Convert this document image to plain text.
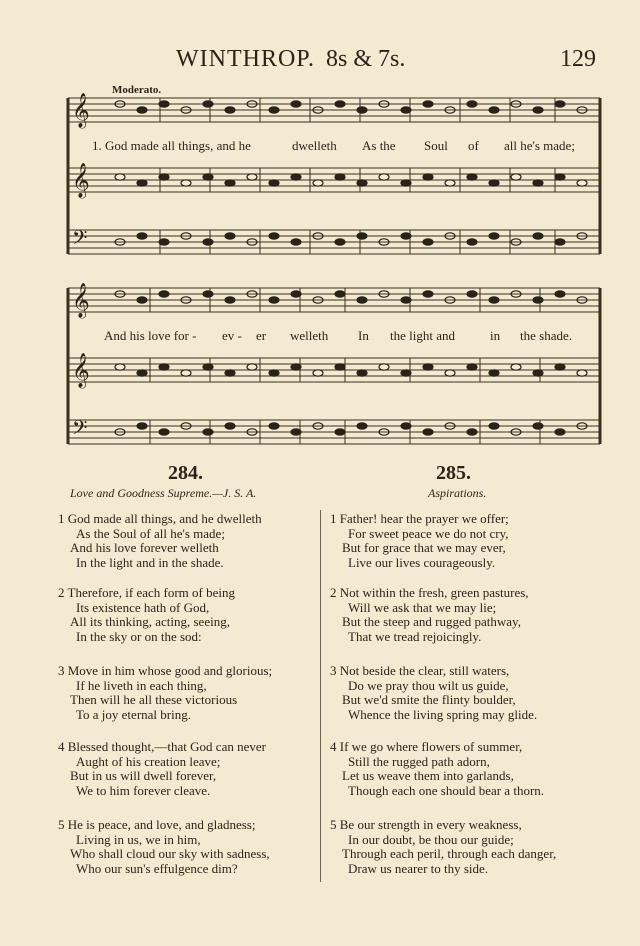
WINTHROP. 8s & 7s.	129
Moderato.
𝄞
𝄞
𝄢
𝄞
𝄞
𝄢
1. God made all things, and he	dwelleth As the Soul of all he's made;
And his love for - ev - er welleth In the light and	in the shade.
284.
Love and Goodness Supreme.—J. S. A.
285.
Aspirations.
1 God made all things, and he dwelleth
As the Soul of all he's made;
And his love forever welleth
In the light and in the shade.
2 Therefore, if each form of being
Its existence hath of God,
All its thinking, acting, seeing,
In the sky or on the sod:
3 Move in him whose good and glorious;
If he liveth in each thing,
Then will he all these victorious
To a joy eternal bring.
4 Blessed thought,—that God can never
Aught of his creation leave;
But in us will dwell forever,
We to him forever cleave.
5 He is peace, and love, and gladness;
Living in us, we in him,
Who shall cloud our sky with sadness,
Who our sun's effulgence dim?
1 Father! hear the prayer we offer;
For sweet peace we do not cry,
But for grace that we may ever,
Live our lives courageously.
2 Not within the fresh, green pastures,
Will we ask that we may lie;
But the steep and rugged pathway,
That we tread rejoicingly.
3 Not beside the clear, still waters,
Do we pray thou wilt us guide,
But we'd smite the flinty boulder,
Whence the living spring may glide.
4 If we go where flowers of summer,
Still the rugged path adorn,
Let us weave them into garlands,
Though each one should bear a thorn.
5 Be our strength in every weakness,
In our doubt, be thou our guide;
Through each peril, through each danger,
Draw us nearer to thy side.
